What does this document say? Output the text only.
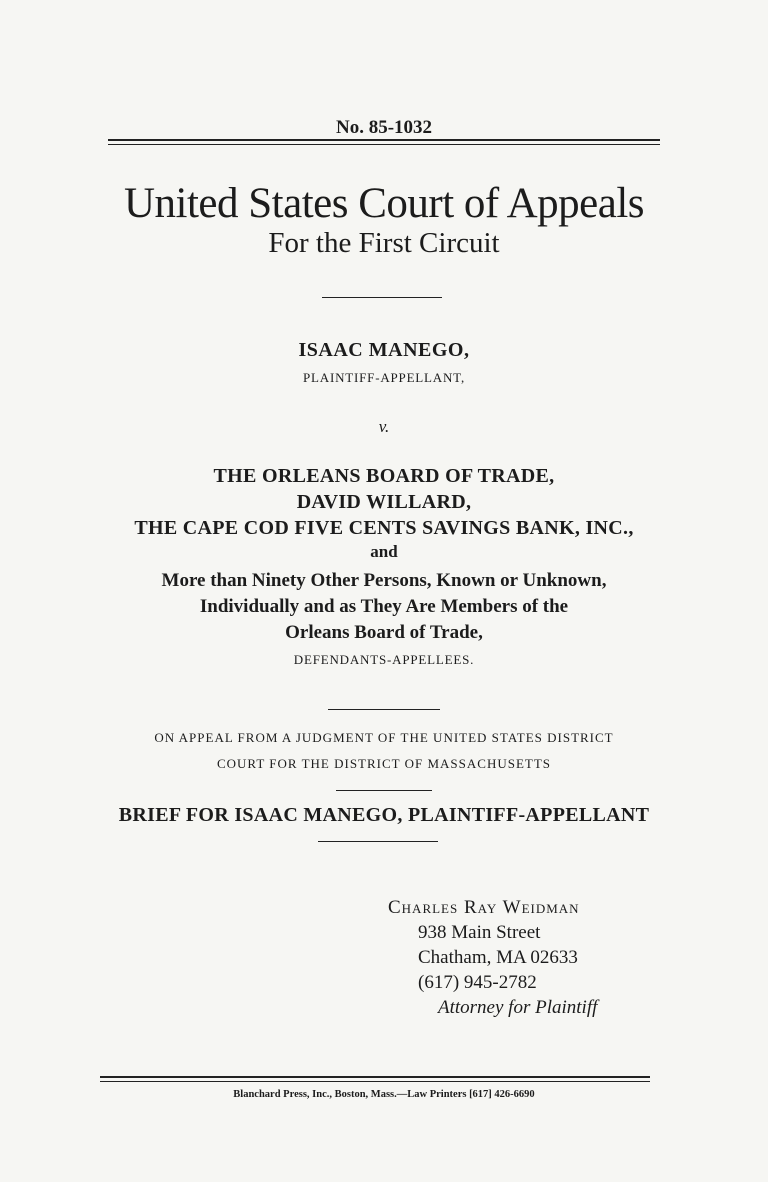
No. 85-1032
United States Court of Appeals
For the First Circuit
ISAAC MANEGO,
PLAINTIFF-APPELLANT,
v.
THE ORLEANS BOARD OF TRADE,
DAVID WILLARD,
THE CAPE COD FIVE CENTS SAVINGS BANK, INC.,
and
More than Ninety Other Persons, Known or Unknown,
Individually and as They Are Members of the
Orleans Board of Trade,
DEFENDANTS-APPELLEES.
ON APPEAL FROM A JUDGMENT OF THE UNITED STATES DISTRICT
COURT FOR THE DISTRICT OF MASSACHUSETTS
BRIEF FOR ISAAC MANEGO, PLAINTIFF-APPELLANT
Charles Ray Weidman
938 Main Street
Chatham, MA 02633
(617) 945-2782
Attorney for Plaintiff
Blanchard Press, Inc., Boston, Mass.—Law Printers [617] 426-6690
